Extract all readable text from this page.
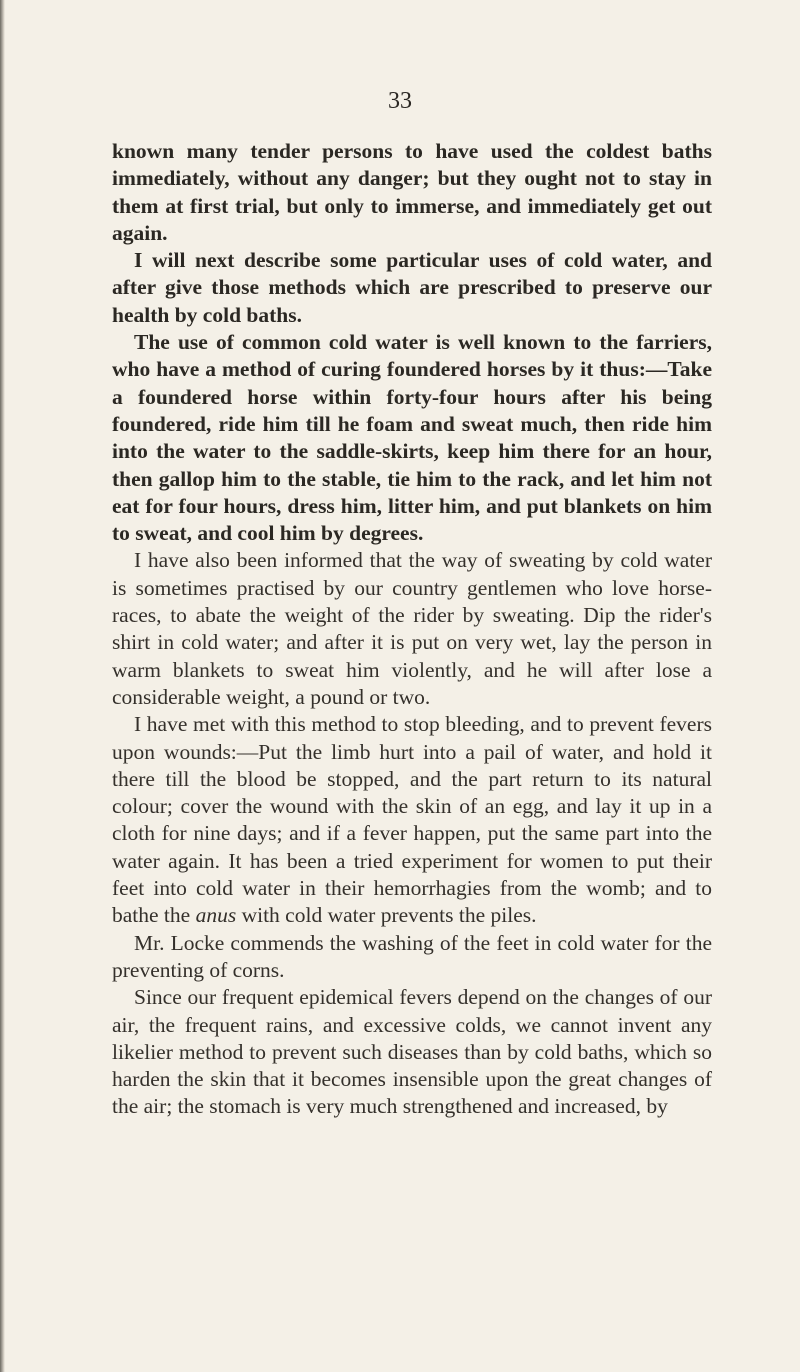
33

known many tender persons to have used the coldest baths immediately, without any danger; but they ought not to stay in them at first trial, but only to immerse, and immediately get out again.

I will next describe some particular uses of cold water, and after give those methods which are prescribed to preserve our health by cold baths.

The use of common cold water is well known to the farriers, who have a method of curing foundered horses by it thus:—Take a foundered horse within forty-four hours after his being foundered, ride him till he foam and sweat much, then ride him into the water to the saddle-skirts, keep him there for an hour, then gallop him to the stable, tie him to the rack, and let him not eat for four hours, dress him, litter him, and put blankets on him to sweat, and cool him by degrees.

I have also been informed that the way of sweating by cold water is sometimes practised by our country gentlemen who love horse-races, to abate the weight of the rider by sweating. Dip the rider's shirt in cold water; and after it is put on very wet, lay the person in warm blankets to sweat him violently, and he will after lose a considerable weight, a pound or two.

I have met with this method to stop bleeding, and to prevent fevers upon wounds:—Put the limb hurt into a pail of water, and hold it there till the blood be stopped, and the part return to its natural colour; cover the wound with the skin of an egg, and lay it up in a cloth for nine days; and if a fever happen, put the same part into the water again. It has been a tried experiment for women to put their feet into cold water in their hemorrhagies from the womb; and to bathe the anus with cold water prevents the piles.

Mr. Locke commends the washing of the feet in cold water for the preventing of corns.

Since our frequent epidemical fevers depend on the changes of our air, the frequent rains, and excessive colds, we cannot invent any likelier method to prevent such diseases than by cold baths, which so harden the skin that it becomes insensible upon the great changes of the air; the stomach is very much strengthened and increased, by
